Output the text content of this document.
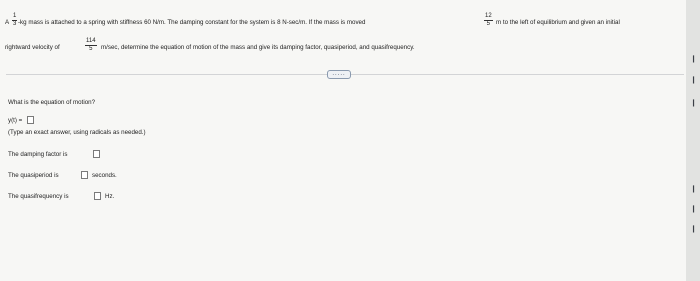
A $\frac{1}{3} -kg$ mass is attached to a spring with stiffness 60 N/m. The damping constant for the system is 8 N-sec/m. If the mass is moved	$\frac{12}{5}$ m to the left of equilibrium and given an initial
rightward velocity of	$\frac{114}{5} m/\sec$, determine the equation of motion of the mass and give its damping factor, quasiperiod, and quasifrequency.
.....
What is the equation of motion?
y(t) =
(Type an exact answer, using radicals as needed.)
The damping factor is
The quasiperiod is	seconds.
The quasifrequency is	Hz.
▎
▎
▎
▎
▎
▎
